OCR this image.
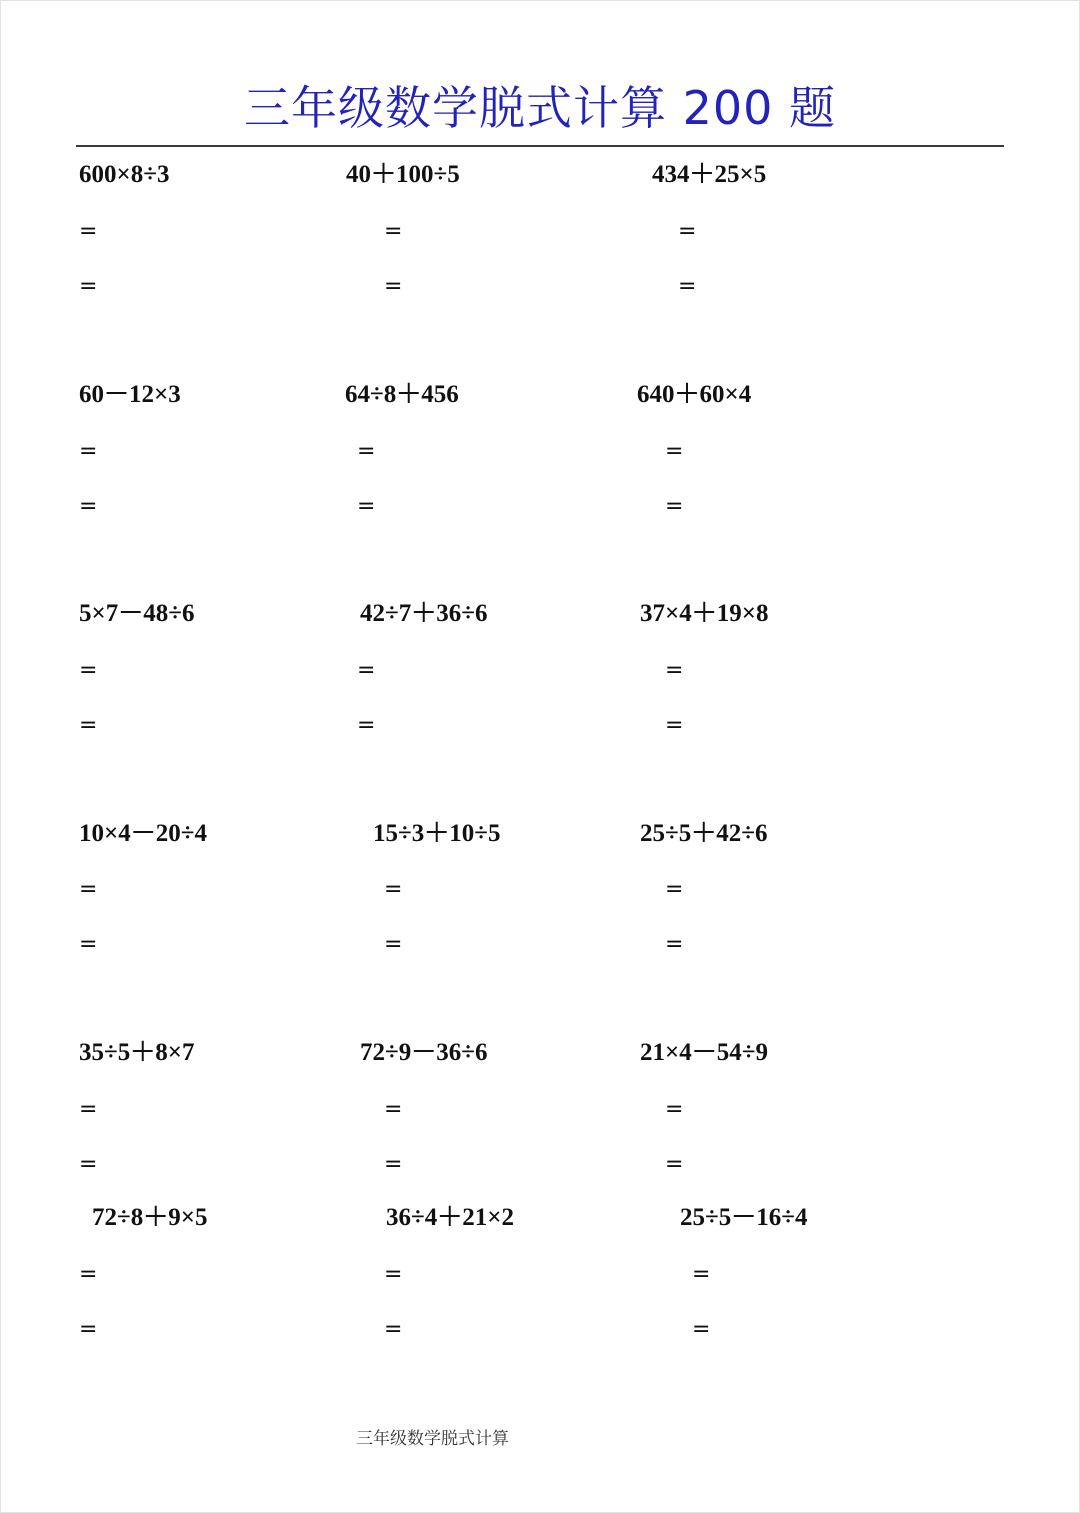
三年级数学脱式计算 200 题
600×8÷3
=
=
40＋100÷5
=
=
434＋25×5
=
=
60－12×3
=
=
64÷8＋456
=
=
640＋60×4
=
=
5×7－48÷6
=
=
42÷7＋36÷6
=
=
37×4＋19×8
=
=
10×4－20÷4
=
=
15÷3＋10÷5
=
=
25÷5＋42÷6
=
=
35÷5＋8×7
=
=
72÷9－36÷6
=
=
21×4－54÷9
=
=
72÷8＋9×5
=
=
36÷4＋21×2
=
=
25÷5－16÷4
=
=
三年级数学脱式计算
